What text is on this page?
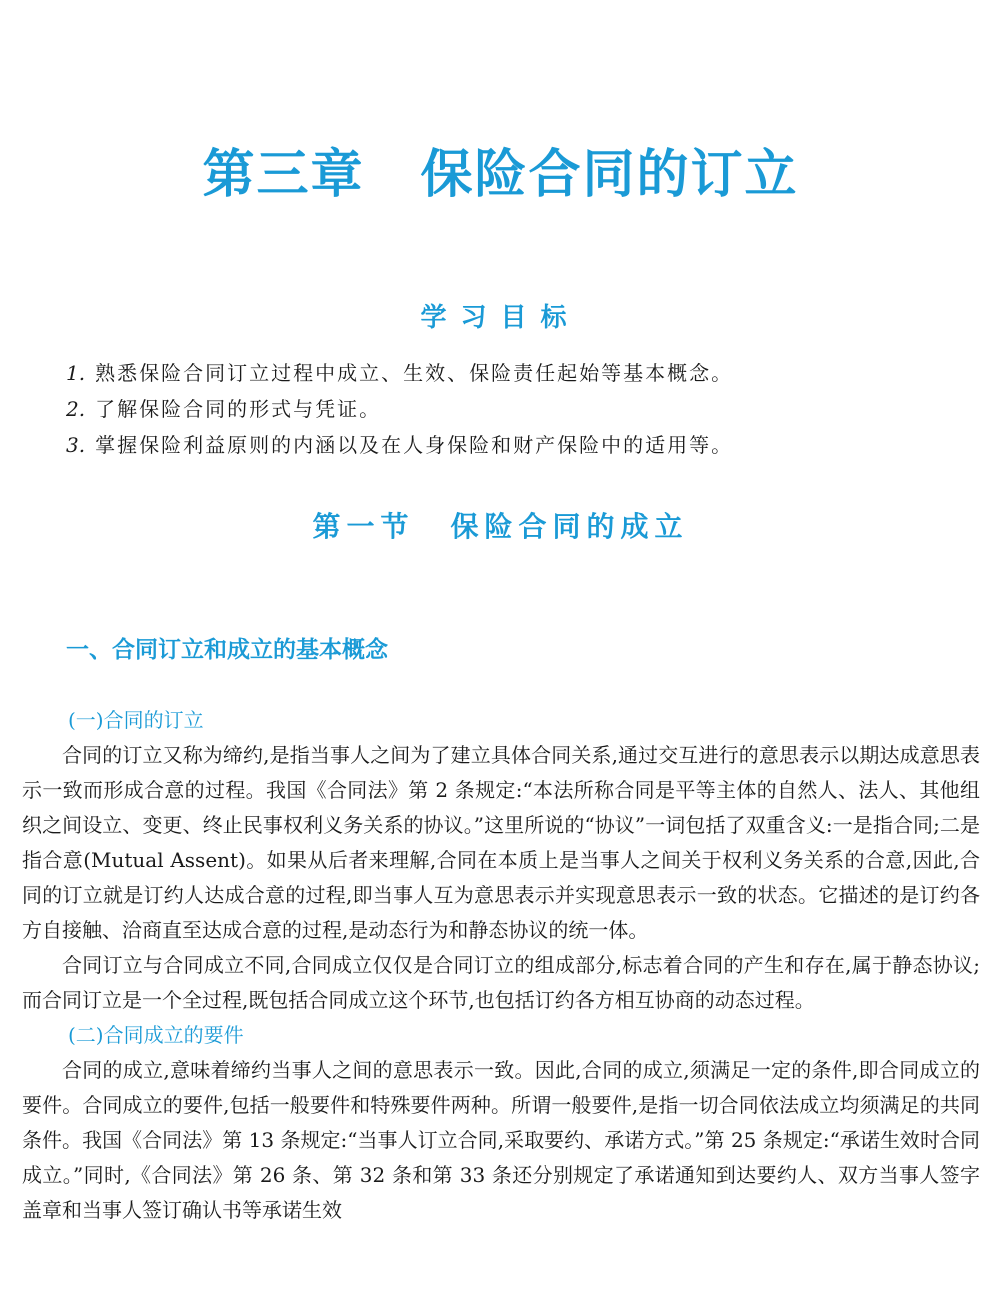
第三章 保险合同的订立
学习目标
1. 熟悉保险合同订立过程中成立、生效、保险责任起始等基本概念。
2. 了解保险合同的形式与凭证。
3. 掌握保险利益原则的内涵以及在人身保险和财产保险中的适用等。
第一节 保险合同的成立
一、合同订立和成立的基本概念

(一)合同的订立

合同的订立又称为缔约,是指当事人之间为了建立具体合同关系,通过交互进行的意思表示以期达成意思表示一致而形成合意的过程。我国《合同法》第 2 条规定:“本法所称合同是平等主体的自然人、法人、其他组织之间设立、变更、终止民事权利义务关系的协议。”这里所说的“协议”一词包括了双重含义:一是指合同;二是指合意(Mutual Assent)。如果从后者来理解,合同在本质上是当事人之间关于权利义务关系的合意,因此,合同的订立就是订约人达成合意的过程,即当事人互为意思表示并实现意思表示一致的状态。它描述的是订约各方自接触、洽商直至达成合意的过程,是动态行为和静态协议的统一体。

合同订立与合同成立不同,合同成立仅仅是合同订立的组成部分,标志着合同的产生和存在,属于静态协议;而合同订立是一个全过程,既包括合同成立这个环节,也包括订约各方相互协商的动态过程。

(二)合同成立的要件

合同的成立,意味着缔约当事人之间的意思表示一致。因此,合同的成立,须满足一定的条件,即合同成立的要件。合同成立的要件,包括一般要件和特殊要件两种。所谓一般要件,是指一切合同依法成立均须满足的共同条件。我国《合同法》第 13 条规定:“当事人订立合同,采取要约、承诺方式。”第 25 条规定:“承诺生效时合同成立。”同时,《合同法》第 26 条、第 32 条和第 33 条还分别规定了承诺通知到达要约人、双方当事人签字盖章和当事人签订确认书等承诺生效
